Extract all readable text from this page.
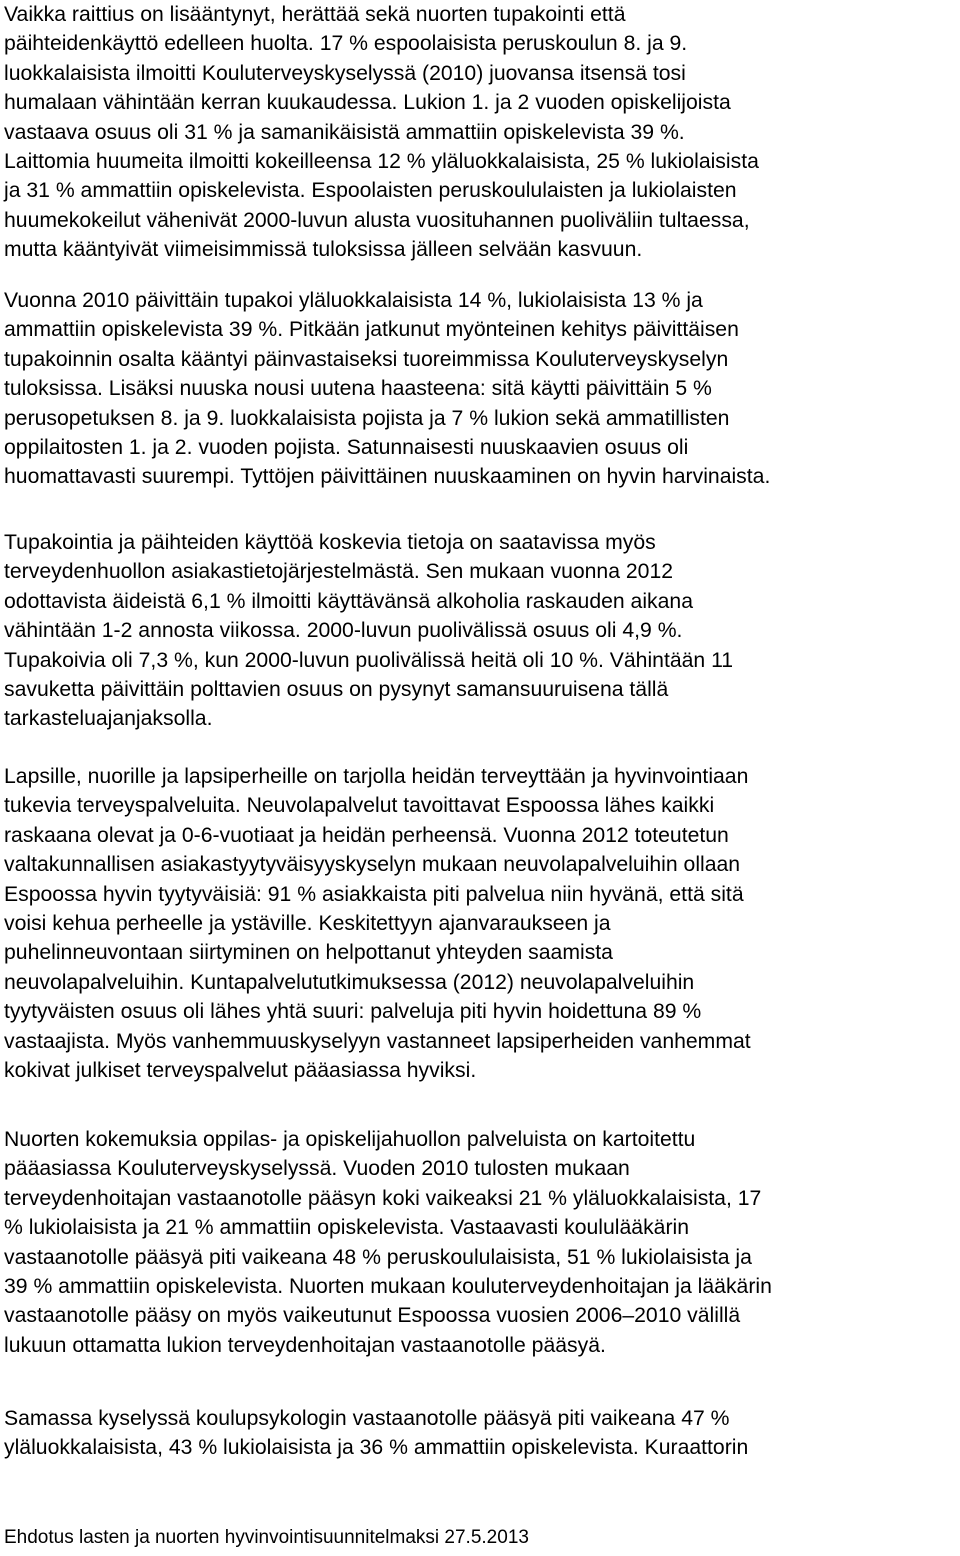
Vaikka raittius on lisääntynyt, herättää sekä nuorten tupakointi että
päihteidenkäyttö edelleen huolta. 17 % espoolaisista peruskoulun 8. ja 9.
luokkalaisista ilmoitti Kouluterveyskyselyssä (2010) juovansa itsensä tosi
humalaan vähintään kerran kuukaudessa. Lukion 1. ja 2 vuoden opiskelijoista
vastaava osuus oli 31 % ja samanikäisistä ammattiin opiskelevista 39 %.
Laittomia huumeita ilmoitti kokeilleensa 12 % yläluokkalaisista, 25 % lukiolaisista
ja 31 % ammattiin opiskelevista. Espoolaisten peruskoululaisten ja lukiolaisten
huumekokeilut vähenivät 2000-luvun alusta vuosituhannen puoliväliin tultaessa,
mutta kääntyivät viimeisimmissä tuloksissa jälleen selvään kasvuun.

Vuonna 2010 päivittäin tupakoi yläluokkalaisista 14 %, lukiolaisista 13 % ja
ammattiin opiskelevista 39 %. Pitkään jatkunut myönteinen kehitys päivittäisen
tupakoinnin osalta kääntyi päinvastaiseksi tuoreimmissa Kouluterveyskyselyn
tuloksissa. Lisäksi nuuska nousi uutena haasteena: sitä käytti päivittäin 5 %
perusopetuksen 8. ja 9. luokkalaisista pojista ja 7 % lukion sekä ammatillisten
oppilaitosten 1. ja 2. vuoden pojista. Satunnaisesti nuuskaavien osuus oli
huomattavasti suurempi. Tyttöjen päivittäinen nuuskaaminen on hyvin harvinaista.

Tupakointia ja päihteiden käyttöä koskevia tietoja on saatavissa myös
terveydenhuollon asiakastietojärjestelmästä. Sen mukaan vuonna 2012
odottavista äideistä 6,1 % ilmoitti käyttävänsä alkoholia raskauden aikana
vähintään 1-2 annosta viikossa. 2000-luvun puolivälissä osuus oli 4,9 %.
Tupakoivia oli 7,3 %, kun 2000-luvun puolivälissä heitä oli 10 %. Vähintään 11
savuketta päivittäin polttavien osuus on pysynyt samansuuruisena tällä
tarkasteluajanjaksolla.

Lapsille, nuorille ja lapsiperheille on tarjolla heidän terveyttään ja hyvinvointiaan
tukevia terveyspalveluita. Neuvolapalvelut tavoittavat Espoossa lähes kaikki
raskaana olevat ja 0-6-vuotiaat ja heidän perheensä. Vuonna 2012 toteutetun
valtakunnallisen asiakastyytyväisyyskyselyn mukaan neuvolapalveluihin ollaan
Espoossa hyvin tyytyväisiä: 91 % asiakkaista piti palvelua niin hyvänä, että sitä
voisi kehua perheelle ja ystäville. Keskitettyyn ajanvaraukseen ja
puhelinneuvontaan siirtyminen on helpottanut yhteyden saamista
neuvolapalveluihin. Kuntapalvelututkimuksessa (2012) neuvolapalveluihin
tyytyväisten osuus oli lähes yhtä suuri: palveluja piti hyvin hoidettuna 89 %
vastaajista. Myös vanhemmuuskyselyyn vastanneet lapsiperheiden vanhemmat
kokivat julkiset terveyspalvelut pääasiassa hyviksi.

Nuorten kokemuksia oppilas- ja opiskelijahuollon palveluista on kartoitettu
pääasiassa Kouluterveyskyselyssä. Vuoden 2010 tulosten mukaan
terveydenhoitajan vastaanotolle pääsyn koki vaikeaksi 21 % yläluokkalaisista, 17
% lukiolaisista ja 21 % ammattiin opiskelevista. Vastaavasti koululääkärin
vastaanotolle pääsyä piti vaikeana 48 % peruskoululaisista, 51 % lukiolaisista ja
39 % ammattiin opiskelevista. Nuorten mukaan kouluterveydenhoitajan ja lääkärin
vastaanotolle pääsy on myös vaikeutunut Espoossa vuosien 2006–2010 välillä
lukuun ottamatta lukion terveydenhoitajan vastaanotolle pääsyä.

Samassa kyselyssä koulupsykologin vastaanotolle pääsyä piti vaikeana 47 %
yläluokkalaisista, 43 % lukiolaisista ja 36 % ammattiin opiskelevista. Kuraattorin

Ehdotus lasten ja nuorten hyvinvointisuunnitelmaksi 27.5.2013
